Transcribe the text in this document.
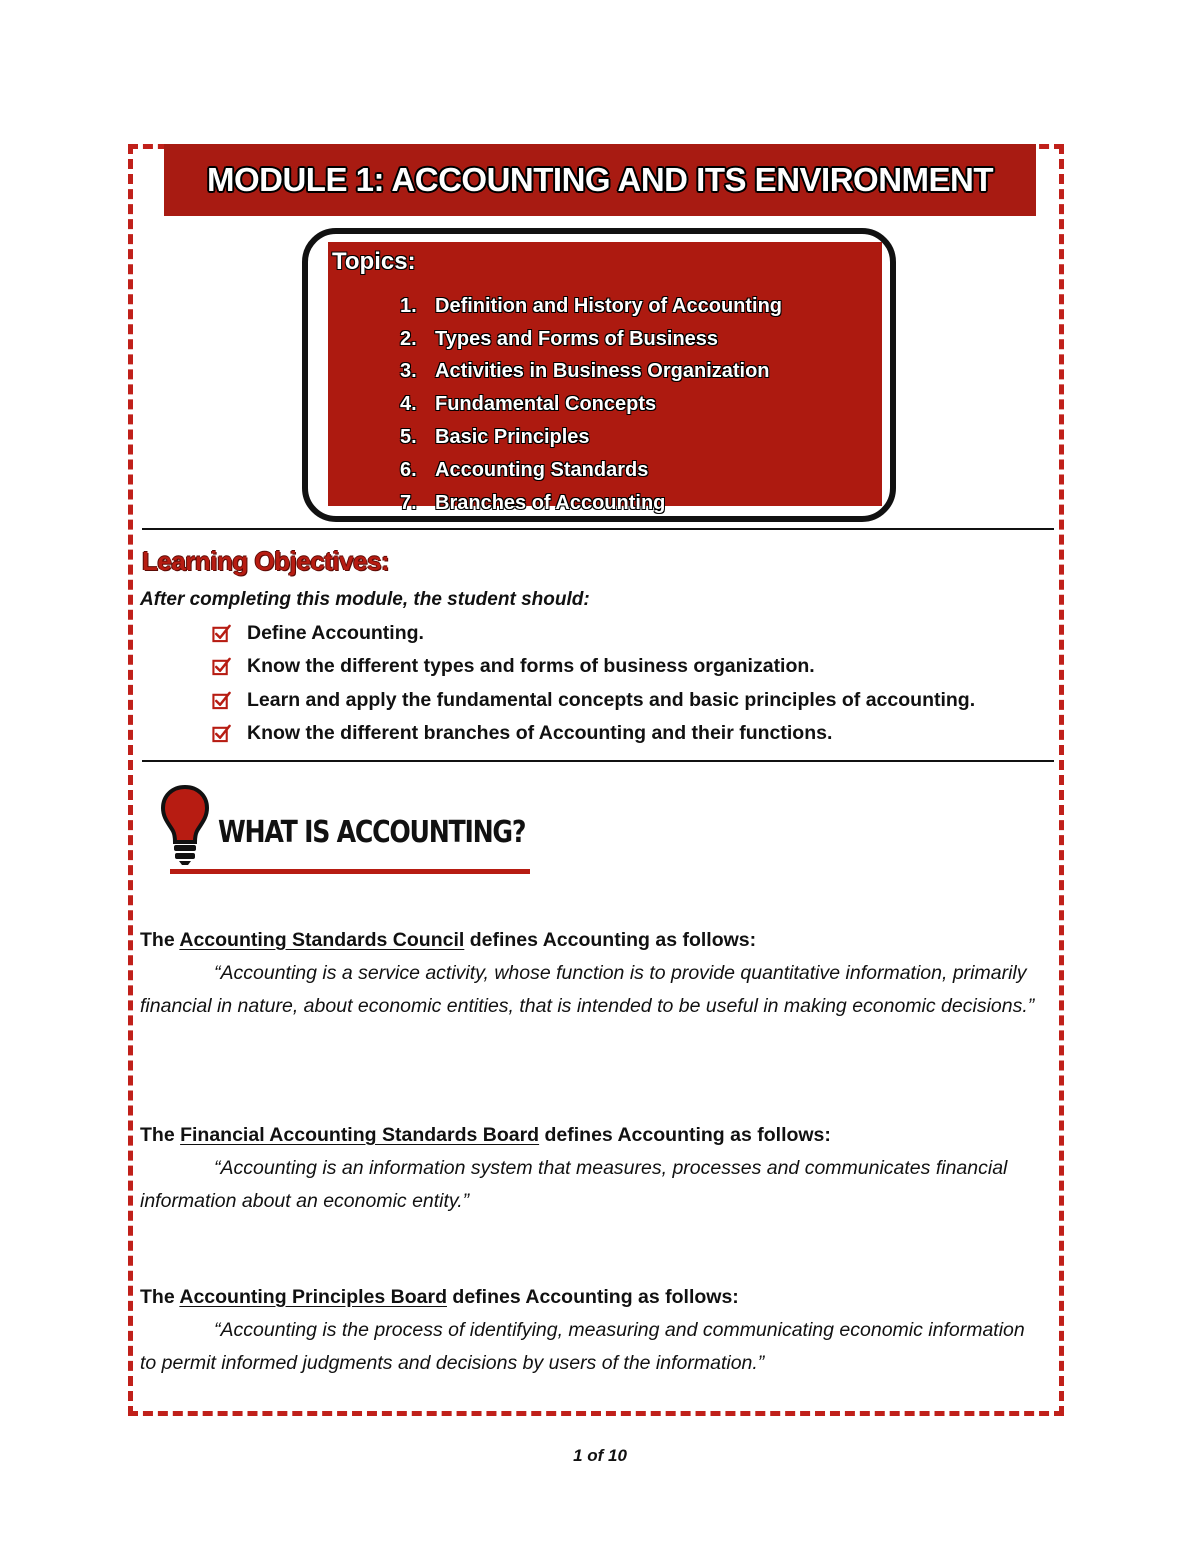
MODULE 1: ACCOUNTING AND ITS ENVIRONMENT
Topics:
1. Definition and History of Accounting
2. Types and Forms of Business
3. Activities in Business Organization
4. Fundamental Concepts
5. Basic Principles
6. Accounting Standards
7. Branches of Accounting
Learning Objectives:
After completing this module, the student should:
Define Accounting.
Know the different types and forms of business organization.
Learn and apply the fundamental concepts and basic principles of accounting.
Know the different branches of Accounting and their functions.
WHAT IS ACCOUNTING?
The Accounting Standards Council defines Accounting as follows:
“Accounting is a service activity, whose function is to provide quantitative information, primarily financial in nature, about economic entities, that is intended to be useful in making economic decisions.”
The Financial Accounting Standards Board defines Accounting as follows:
“Accounting is an information system that measures, processes and communicates financial information about an economic entity.”
The Accounting Principles Board defines Accounting as follows:
“Accounting is the process of identifying, measuring and communicating economic information to permit informed judgments and decisions by users of the information.”
1 of 10
